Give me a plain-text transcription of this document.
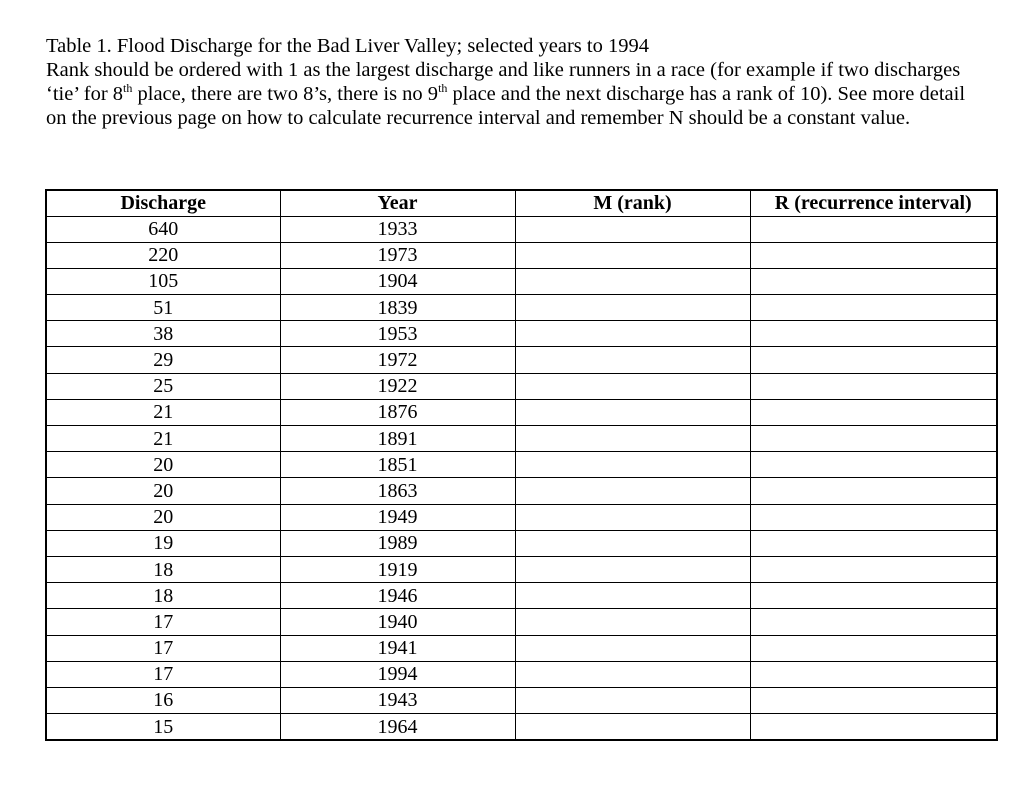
Table 1. Flood Discharge for the Bad Liver Valley; selected years to 1994

Rank should be ordered with 1 as the largest discharge and like runners in a race (for example if two discharges ‘tie’ for 8th place, there are two 8’s, there is no 9th place and the next discharge has a rank of 10). See more detail on the previous page on how to calculate recurrence interval and remember N should be a constant value.

Discharge	Year	M (rank)	R (recurrence interval)
640	1933		
220	1973		
105	1904		
51	1839		
38	1953		
29	1972		
25	1922		
21	1876		
21	1891		
20	1851		
20	1863		
20	1949		
19	1989		
18	1919		
18	1946		
17	1940		
17	1941		
17	1994		
16	1943		
15	1964		
